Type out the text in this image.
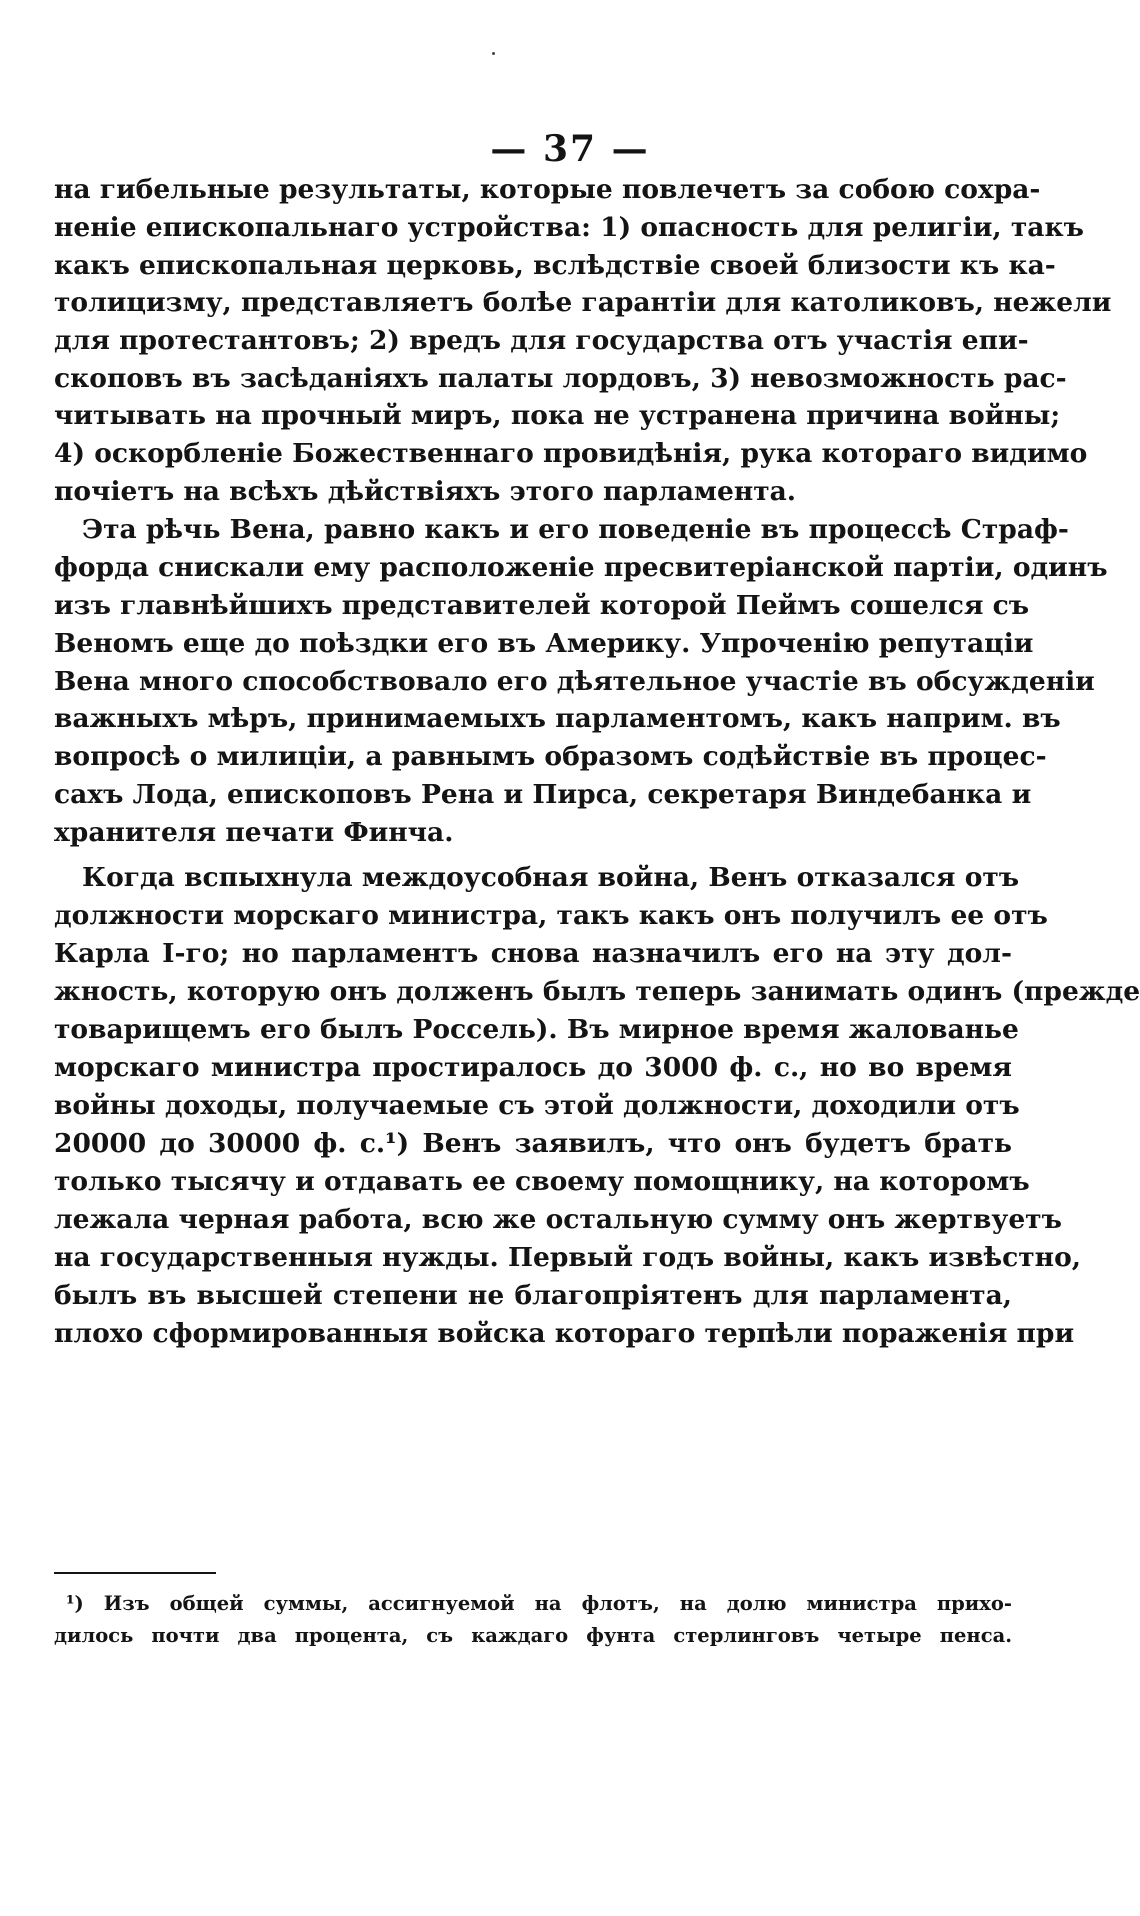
— 37 —
на гибельные результаты, которые повлечетъ за собою сохра-
неніе епископальнаго устройства: 1) опасность для религіи, такъ
какъ епископальная церковь, вслѣдствіе своей близости къ ка-
толицизму, представляетъ болѣе гарантіи для католиковъ, нежели
для протестантовъ; 2) вредъ для государства отъ участія епи-
скоповъ въ засѣданіяхъ палаты лордовъ, 3) невозможность рас-
читывать на прочный миръ, пока не устранена причина войны;
4) оскорбленіе Божественнаго провидѣнія, рука котораго видимо
почіетъ на всѣхъ дѣйствіяхъ этого парламента.
Эта рѣчь Вена, равно какъ и его поведеніе въ процессѣ Страф-
форда снискали ему расположеніе пресвитеріанской партіи, одинъ
изъ главнѣйшихъ представителей которой Пеймъ сошелся съ
Веномъ еще до поѣздки его въ Америку. Упроченію репутаціи
Вена много способствовало его дѣятельное участіе въ обсужденіи
важныхъ мѣръ, принимаемыхъ парламентомъ, какъ наприм. въ
вопросѣ о милиціи, а равнымъ образомъ содѣйствіе въ процес-
сахъ Лода, епископовъ Рена и Пирса, секретаря Виндебанка и
хранителя печати Финча.
Когда вспыхнула междоусобная война, Венъ отказался отъ
должности морскаго министра, такъ какъ онъ получилъ ее отъ
Карла I-го; но парламентъ снова назначилъ его на эту дол-
жность, которую онъ долженъ былъ теперь занимать одинъ (прежде
товарищемъ его былъ Россель). Въ мирное время жалованье
морскаго министра простиралось до 3000 ф. с., но во время
войны доходы, получаемые съ этой должности, доходили отъ
20000 до 30000 ф. с.¹) Венъ заявилъ, что онъ будетъ брать
только тысячу и отдавать ее своему помощнику, на которомъ
лежала черная работа, всю же остальную сумму онъ жертвуетъ
на государственныя нужды. Первый годъ войны, какъ извѣстно,
былъ въ высшей степени не благопріятенъ для парламента,
плохо сформированныя войска котораго терпѣли пораженія при
¹) Изъ общей суммы, ассигнуемой на флотъ, на долю министра прихо-
дилось почти два процента, съ каждаго фунта стерлинговъ четыре пенса.
